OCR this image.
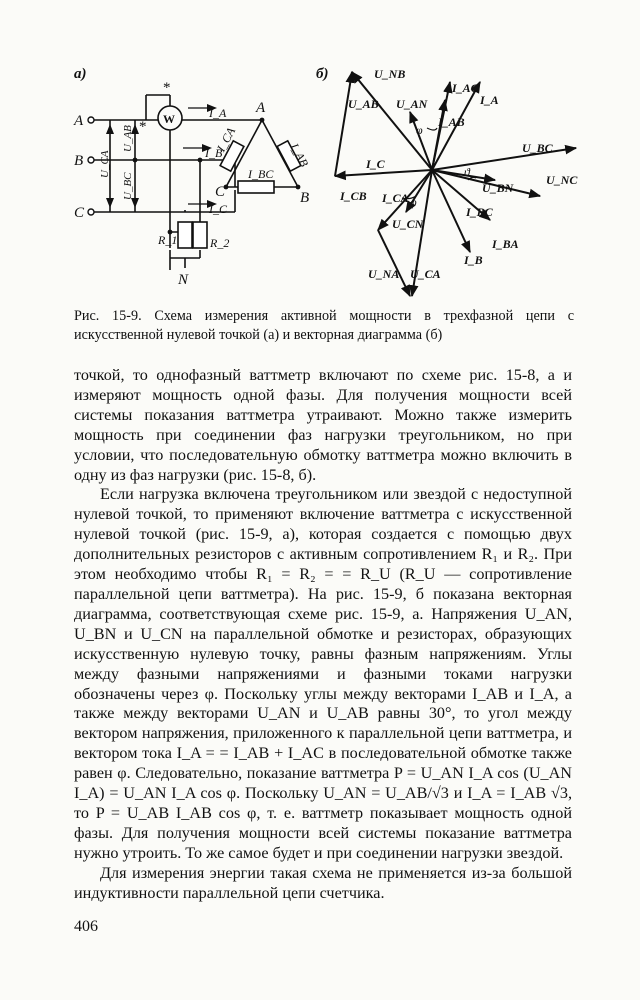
а)
A
B
C
A
B
C
N
W
*
*
I_A
I_B
I_C
I_CA
I_AB
I_BC
R_1	R_2
U_CA
U_AB
U_BC
б)	U_NB
I_AC
U_AB U_AN
I_AB
I_A
φ
U_BC
I_C
ϑ
U_BN
U_NC
I_CB I_CA φ
I_BC
U_CN
I_BA
I_B
U_NA U_CA
Рис. 15-9. Схема измерения активной мощности в трехфазной цепи с искусственной нулевой точкой (а) и векторная диаграмма (б)

точкой, то однофазный ваттметр включают по схеме рис. 15-8, а и измеряют мощность одной фазы. Для получения мощности всей системы показания ваттметра утраивают. Можно также измерить мощность при соединении фаз нагрузки треугольником, но при условии, что последовательную обмотку ваттметра можно включить в одну из фаз нагрузки (рис. 15-8, б).

Если нагрузка включена треугольником или звездой с недоступной нулевой точкой, то применяют включение ваттметра с искусственной нулевой точкой (рис. 15-9, а), которая создается с помощью двух дополнительных резисторов с активным сопротивлением R₁ и R₂. При этом необходимо чтобы R₁ = R₂ = = R_U (R_U — сопротивление параллельной цепи ваттметра). На рис. 15-9, б показана векторная диаграмма, соответствующая схеме рис. 15-9, а. Напряжения U_AN, U_BN и U_CN на параллельной обмотке и резисторах, образующих искусственную нулевую точку, равны фазным напряжениям. Углы между фазными напряжениями и фазными токами нагрузки обозначены через φ. Поскольку углы между векторами I_AB и I_A, а также между векторами U_AN и U_AB равны 30°, то угол между вектором напряжения, приложенного к параллельной цепи ваттметра, и вектором тока I_A = = I_AB + I_AC в последовательной обмотке также равен φ. Следовательно, показание ваттметра P = U_AN I_A cos (U_AN I_A) = U_AN I_A cos φ. Поскольку U_AN = U_AB/√3 и I_A = I_AB √3, то P = U_AB I_AB cos φ, т. е. ваттметр показывает мощность одной фазы. Для получения мощности всей системы показание ваттметра нужно утроить. То же самое будет и при соединении нагрузки звездой.

Для измерения энергии такая схема не применяется из-за большой индуктивности параллельной цепи счетчика.

406
